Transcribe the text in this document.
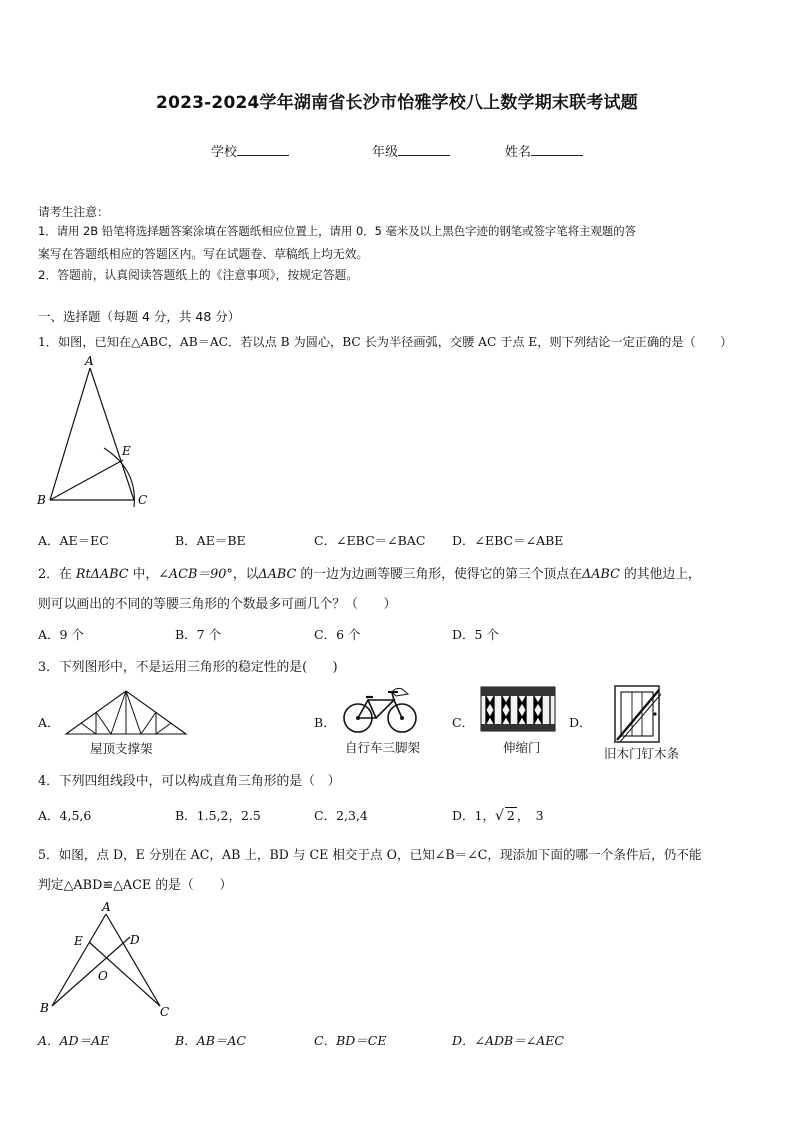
2023-2024学年湖南省长沙市怡雅学校八上数学期末联考试题
学校	年级	姓名
请考生注意：
1．请用 2B 铅笔将选择题答案涂填在答题纸相应位置上，请用 0．5 毫米及以上黑色字迹的钢笔或签字笔将主观题的答
案写在答题纸相应的答题区内。写在试题卷、草稿纸上均无效。
2．答题前，认真阅读答题纸上的《注意事项》，按规定答题。
一、选择题（每题 4 分，共 48 分）
1．如图，已知在△ABC，AB＝AC．若以点 B 为圆心，BC 长为半径画弧，交腰 AC 于点 E，则下列结论一定正确的是（　　）
A
B	C
E
A．AE＝EC	B．AE＝BE	C．∠EBC＝∠BAC D．∠EBC＝∠ABE
2．在 RtΔABC 中，∠ACB＝90°，以ΔABC 的一边为边画等腰三角形，使得它的第三个顶点在ΔABC 的其他边上，
则可以画出的不同的等腰三角形的个数最多可画几个？（　　）
A．9 个	B．7 个	C．6 个	D．5 个
3．下列图形中，不是运用三角形的稳定性的是(　　)
A．
屋顶支撑架
B．
自行车三脚架
C．
伸缩门
D．
旧木门钉木条
4．下列四组线段中，可以构成直角三角形的是（　）
A．4,5,6	B．1.5,2，2.5	C．2,3,4	D．1，√ 2 ，　3
5．如图，点 D，E 分别在 AC，AB 上，BD 与 CE 相交于点 O，已知∠B＝∠C，现添加下面的哪一个条件后，仍不能
判定△ABD≌△ACE 的是（　　）
A
B	C
D
E
O
A．AD＝AE	B．AB＝AC	C．BD＝CE	D．∠ADB＝∠AEC
